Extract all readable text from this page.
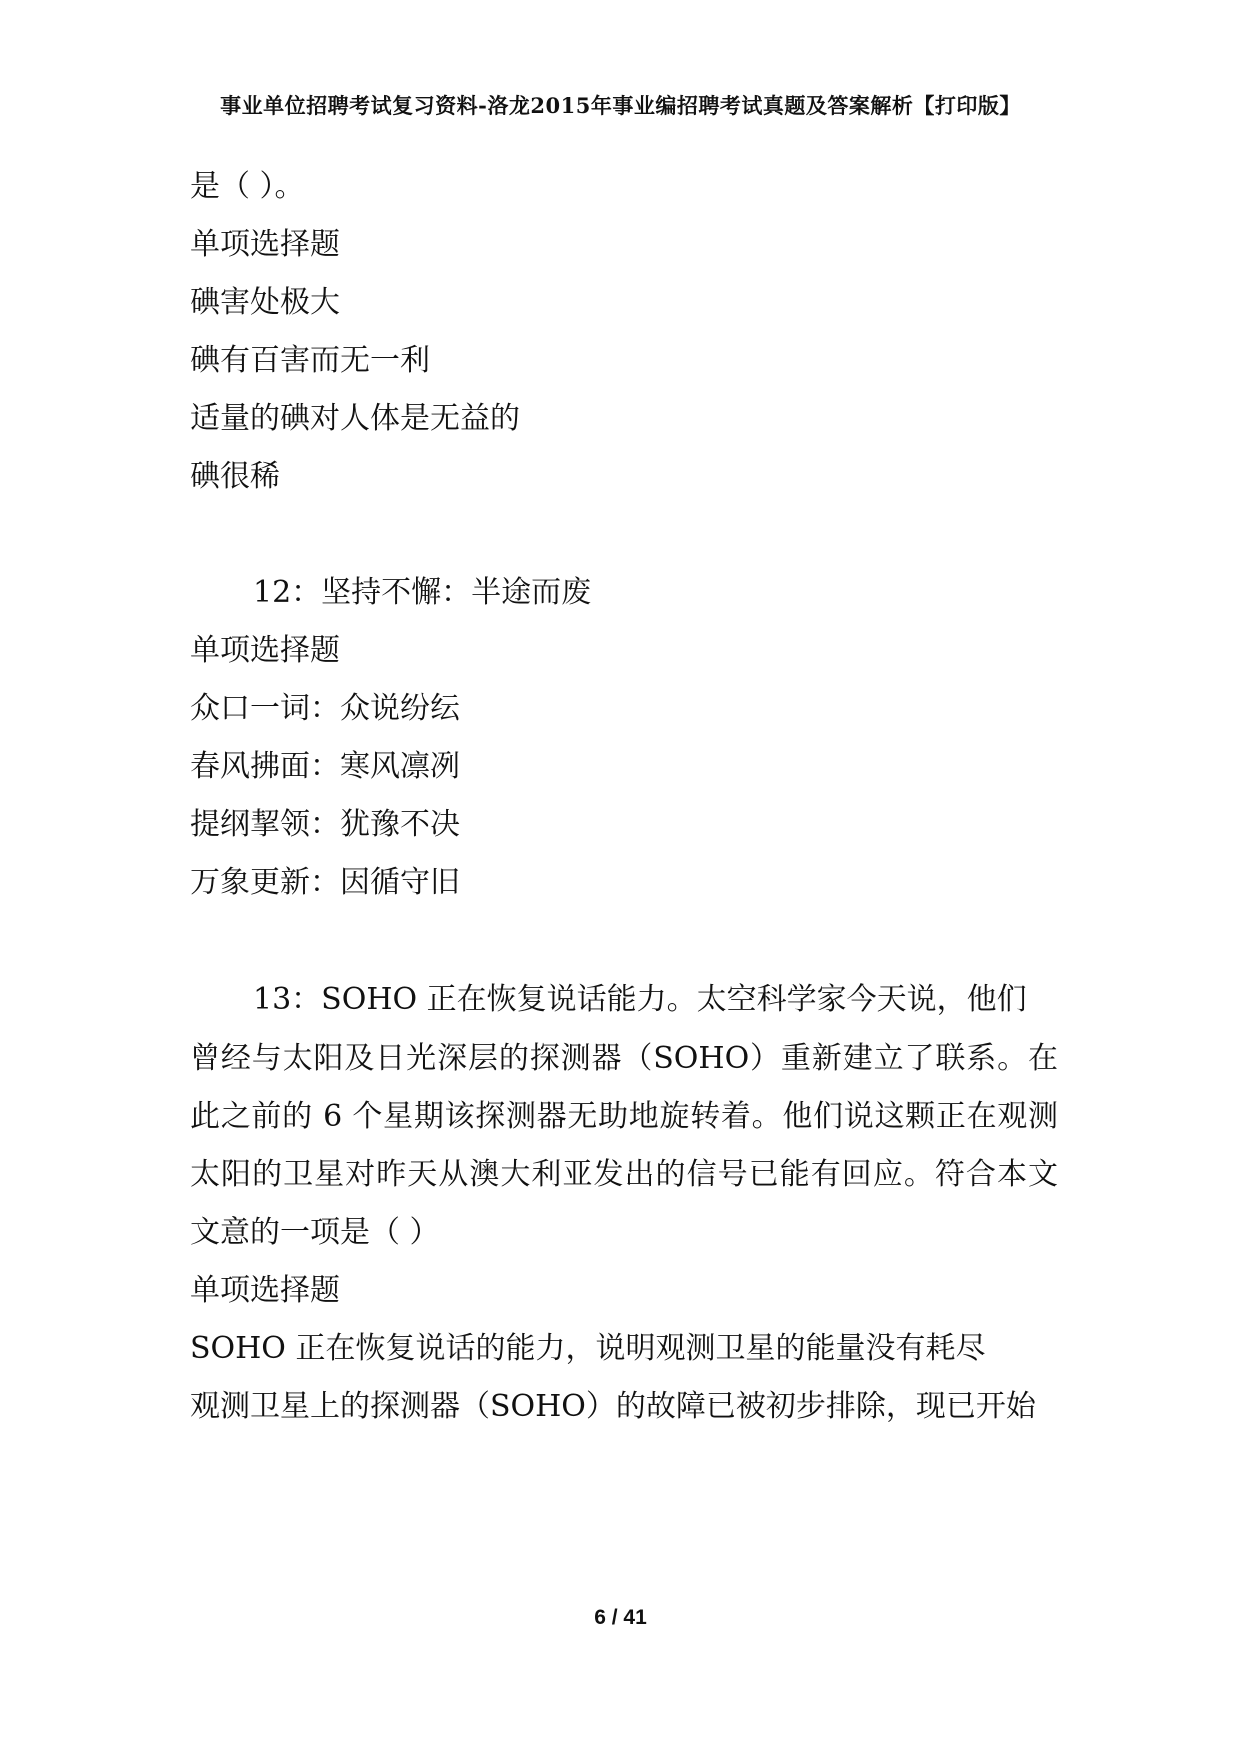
事业单位招聘考试复习资料-洛龙2015年事业编招聘考试真题及答案解析【打印版】
是（ ）。
单项选择题
碘害处极大
碘有百害而无一利
适量的碘对人体是无益的
碘很稀
12：坚持不懈：半途而废
单项选择题
众口一词：众说纷纭
春风拂面：寒风凛冽
提纲挈领：犹豫不决
万象更新：因循守旧
13：SOHO 正在恢复说话能力。太空科学家今天说，他们
曾经与太阳及日光深层的探测器（SOHO）重新建立了联系。在
此之前的 6 个星期该探测器无助地旋转着。他们说这颗正在观测
太阳的卫星对昨天从澳大利亚发出的信号已能有回应。符合本文
文意的一项是（ ）
单项选择题
SOHO 正在恢复说话的能力，说明观测卫星的能量没有耗尽
观测卫星上的探测器（SOHO）的故障已被初步排除，现已开始
6 / 41
